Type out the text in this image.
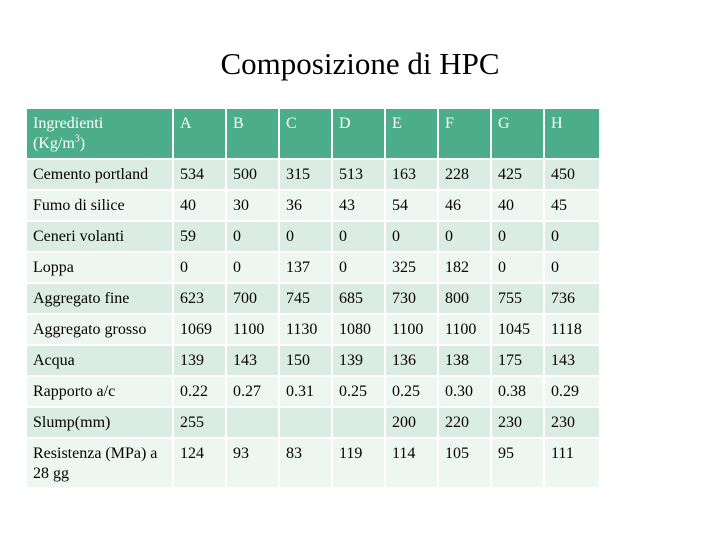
Composizione di HPC
Ingredienti
$(Kg/m^3)$	A	B	C	D	E	F	G	H
Cemento portland	534	500	315	513	163	228	425	450
Fumo di silice	40	30	36	43	54	46	40	45
Ceneri volanti	59	0	0	0	0	0	0	0
Loppa	0	0	137	0	325	182	0	0
Aggregato fine	623	700	745	685	730	800	755	736
Aggregato grosso	1069	1100	1130	1080	1100	1100	1045	1118
Acqua	139	143	150	139	136	138	175	143
Rapporto a/c	0.22	0.27	0.31	0.25	0.25	0.30	0.38	0.29
Slump(mm)	255				200	220	230	230
Resistenza (MPa) a 28 gg	124	93	83	119	114	105	95	111
